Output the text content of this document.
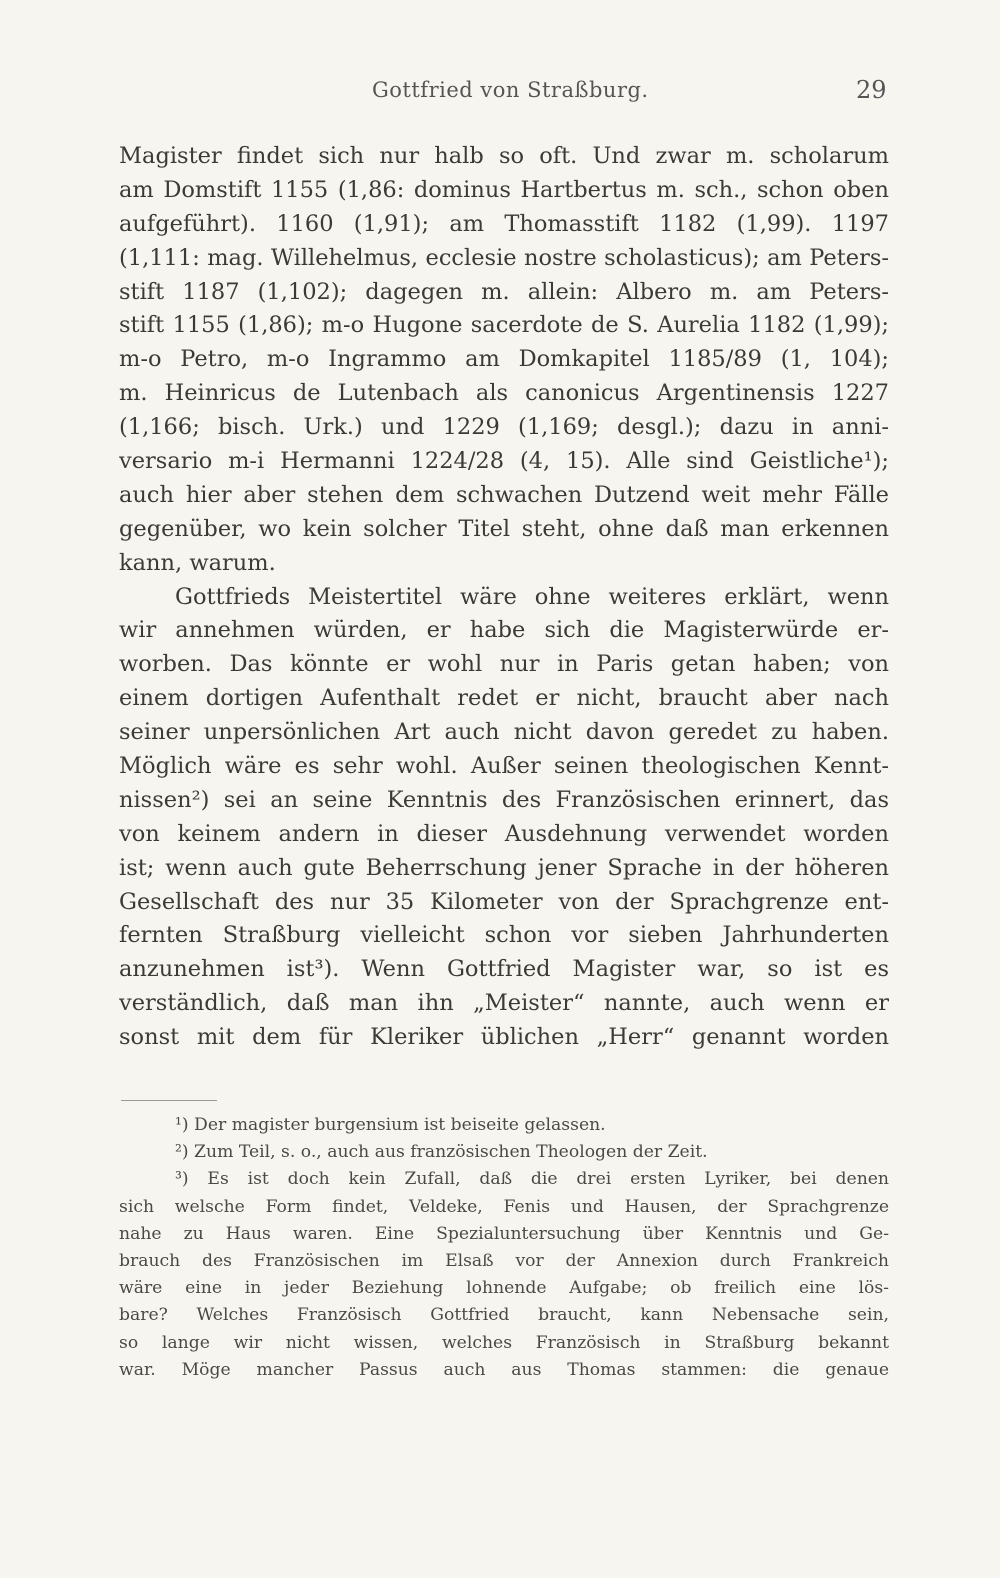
Gottfried von Straßburg.	29
Magister findet sich nur halb so oft. Und zwar m. scholarum
am Domstift 1155 (1,86: dominus Hartbertus m. sch., schon oben
aufgeführt). 1160 (1,91); am Thomasstift 1182 (1,99). 1197
(1,111: mag. Willehelmus, ecclesie nostre scholasticus); am Peters-
stift 1187 (1,102); dagegen m. allein: Albero m. am Peters-
stift 1155 (1,86); m-o Hugone sacerdote de S. Aurelia 1182 (1,99);
m-o Petro, m-o Ingrammo am Domkapitel 1185/89 (1, 104);
m. Heinricus de Lutenbach als canonicus Argentinensis 1227
(1,166; bisch. Urk.) und 1229 (1,169; desgl.); dazu in anni-
versario m-i Hermanni 1224/28 (4, 15). Alle sind Geistliche¹);
auch hier aber stehen dem schwachen Dutzend weit mehr Fälle
gegenüber, wo kein solcher Titel steht, ohne daß man erkennen
kann, warum.
Gottfrieds Meistertitel wäre ohne weiteres erklärt, wenn
wir annehmen würden, er habe sich die Magisterwürde er-
worben. Das könnte er wohl nur in Paris getan haben; von
einem dortigen Aufenthalt redet er nicht, braucht aber nach
seiner unpersönlichen Art auch nicht davon geredet zu haben.
Möglich wäre es sehr wohl. Außer seinen theologischen Kennt-
nissen²) sei an seine Kenntnis des Französischen erinnert, das
von keinem andern in dieser Ausdehnung verwendet worden
ist; wenn auch gute Beherrschung jener Sprache in der höheren
Gesellschaft des nur 35 Kilometer von der Sprachgrenze ent-
fernten Straßburg vielleicht schon vor sieben Jahrhunderten
anzunehmen ist³). Wenn Gottfried Magister war, so ist es
verständlich, daß man ihn „Meister“ nannte, auch wenn er
sonst mit dem für Kleriker üblichen „Herr“ genannt worden
¹) Der magister burgensium ist beiseite gelassen.
²) Zum Teil, s. o., auch aus französischen Theologen der Zeit.
³) Es ist doch kein Zufall, daß die drei ersten Lyriker, bei denen
sich welsche Form findet, Veldeke, Fenis und Hausen, der Sprachgrenze
nahe zu Haus waren. Eine Spezialuntersuchung über Kenntnis und Ge-
brauch des Französischen im Elsaß vor der Annexion durch Frankreich
wäre eine in jeder Beziehung lohnende Aufgabe; ob freilich eine lös-
bare? Welches Französisch Gottfried braucht, kann Nebensache sein,
so lange wir nicht wissen, welches Französisch in Straßburg bekannt
war. Möge mancher Passus auch aus Thomas stammen: die genaue
